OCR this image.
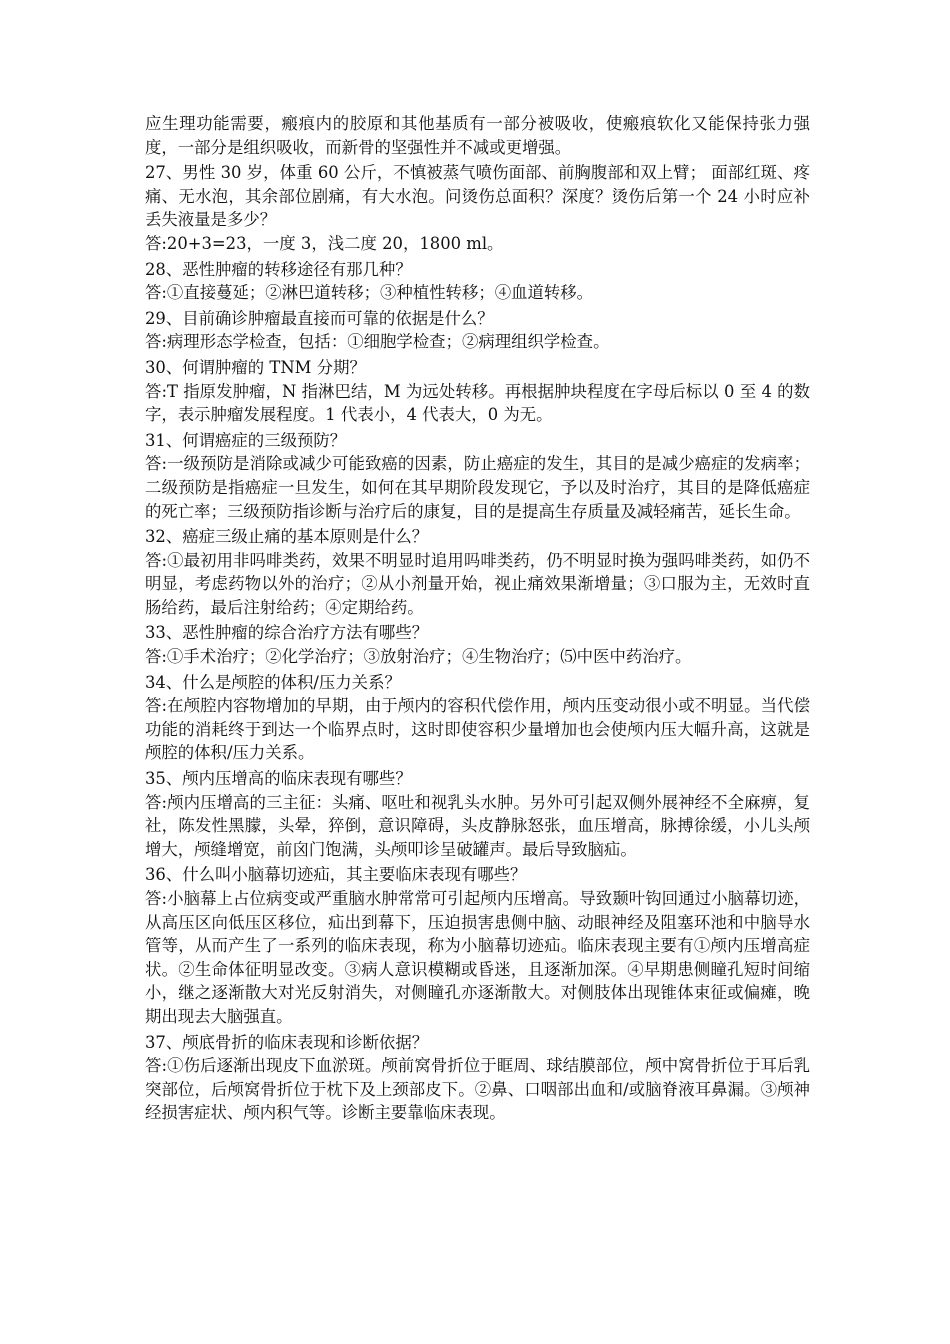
应生理功能需要，瘢痕内的胶原和其他基质有一部分被吸收，使瘢痕软化又能保持张力强度，一部分是组织吸收，而新骨的坚强性并不减或更增强。

27、男性 30 岁，体重 60 公斤，不慎被蒸气喷伤面部、前胸腹部和双上臂； 面部红斑、疼痛、无水泡，其余部位剧痛，有大水泡。问烫伤总面积？深度？烫伤后第一个 24 小时应补丢失液量是多少？

答:20+3=23，一度 3，浅二度 20，1800 ml。

28、恶性肿瘤的转移途径有那几种？

答:①直接蔓延；②淋巴道转移；③种植性转移；④血道转移。

29、目前确诊肿瘤最直接而可靠的依据是什么？

答:病理形态学检查，包括：①细胞学检查；②病理组织学检查。

30、何谓肿瘤的 TNM 分期？

答:T 指原发肿瘤，N 指淋巴结，M 为远处转移。再根据肿块程度在字母后标以 0 至 4 的数字，表示肿瘤发展程度。1 代表小，4 代表大，0 为无。

31、何谓癌症的三级预防？

答:一级预防是消除或减少可能致癌的因素，防止癌症的发生，其目的是减少癌症的发病率；二级预防是指癌症一旦发生，如何在其早期阶段发现它，予以及时治疗，其目的是降低癌症的死亡率；三级预防指诊断与治疗后的康复，目的是提高生存质量及减轻痛苦，延长生命。

32、癌症三级止痛的基本原则是什么？

答:①最初用非吗啡类药，效果不明显时追用吗啡类药，仍不明显时换为强吗啡类药，如仍不明显，考虑药物以外的治疗；②从小剂量开始，视止痛效果渐增量；③口服为主，无效时直肠给药，最后注射给药；④定期给药。

33、恶性肿瘤的综合治疗方法有哪些？

答:①手术治疗；②化学治疗；③放射治疗；④生物治疗；⑸中医中药治疗。

34、什么是颅腔的体积/压力关系？

答:在颅腔内容物增加的早期，由于颅内的容积代偿作用，颅内压变动很小或不明显。当代偿功能的消耗终于到达一个临界点时，这时即使容积少量增加也会使颅内压大幅升高，这就是颅腔的体积/压力关系。

35、颅内压增高的临床表现有哪些？

答:颅内压增高的三主征：头痛、呕吐和视乳头水肿。另外可引起双侧外展神经不全麻痹，复社，陈发性黑朦，头晕，猝倒，意识障碍，头皮静脉怒张，血压增高，脉搏徐缓，小儿头颅增大，颅缝增宽，前囟门饱满，头颅叩诊呈破罐声。最后导致脑疝。

36、什么叫小脑幕切迹疝，其主要临床表现有哪些？

答:小脑幕上占位病变或严重脑水肿常常可引起颅内压增高。导致颞叶钩回通过小脑幕切迹，从高压区向低压区移位，疝出到幕下，压迫损害患侧中脑、动眼神经及阻塞环池和中脑导水管等，从而产生了一系列的临床表现，称为小脑幕切迹疝。临床表现主要有①颅内压增高症状。②生命体征明显改变。③病人意识模糊或昏迷，且逐渐加深。④早期患侧瞳孔短时间缩小，继之逐渐散大对光反射消失，对侧瞳孔亦逐渐散大。对侧肢体出现锥体束征或偏瘫，晚期出现去大脑强直。

37、颅底骨折的临床表现和诊断依据？

答:①伤后逐渐出现皮下血淤斑。颅前窝骨折位于眶周、球结膜部位，颅中窝骨折位于耳后乳突部位，后颅窝骨折位于枕下及上颈部皮下。②鼻、口咽部出血和/或脑脊液耳鼻漏。③颅神经损害症状、颅内积气等。诊断主要靠临床表现。
